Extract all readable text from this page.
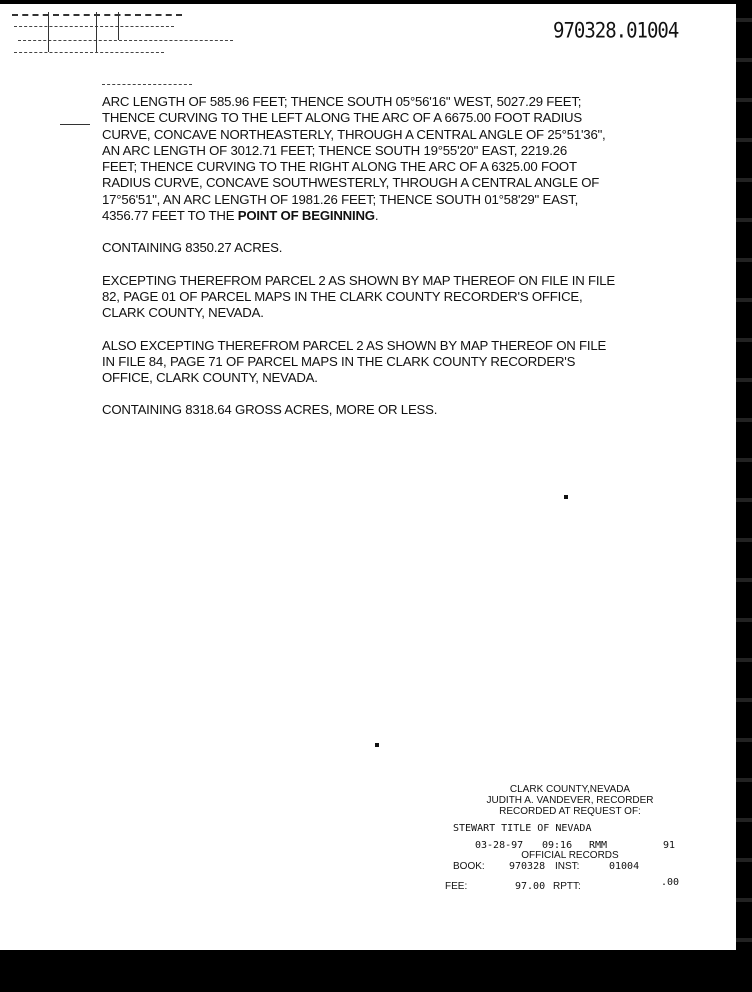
970328.01004

ARC LENGTH OF 585.96 FEET; THENCE SOUTH 05°56'16" WEST, 5027.29 FEET;
THENCE CURVING TO THE LEFT ALONG THE ARC OF A 6675.00 FOOT RADIUS
CURVE, CONCAVE NORTHEASTERLY, THROUGH A CENTRAL ANGLE OF 25°51'36",
AN ARC LENGTH OF 3012.71 FEET; THENCE SOUTH 19°55'20" EAST, 2219.26
FEET; THENCE CURVING TO THE RIGHT ALONG THE ARC OF A 6325.00 FOOT
RADIUS CURVE, CONCAVE SOUTHWESTERLY, THROUGH A CENTRAL ANGLE OF
17°56'51", AN ARC LENGTH OF 1981.26 FEET; THENCE SOUTH 01°58'29" EAST,
4356.77 FEET TO THE POINT OF BEGINNING.

CONTAINING 8350.27 ACRES.

EXCEPTING THEREFROM PARCEL 2 AS SHOWN BY MAP THEREOF ON FILE IN FILE
82, PAGE 01 OF PARCEL MAPS IN THE CLARK COUNTY RECORDER'S OFFICE,
CLARK COUNTY, NEVADA.

ALSO EXCEPTING THEREFROM PARCEL 2 AS SHOWN BY MAP THEREOF ON FILE
IN FILE 84, PAGE 71 OF PARCEL MAPS IN THE CLARK COUNTY RECORDER'S
OFFICE, CLARK COUNTY, NEVADA.

CONTAINING 8318.64 GROSS ACRES, MORE OR LESS.

CLARK COUNTY,NEVADA
JUDITH A. VANDEVER, RECORDER
RECORDED AT REQUEST OF:
STEWART TITLE OF NEVADA
03-28-97 09:16 RMM	91
OFFICIAL RECORDS
BOOK: 970328 INST:	01004
FEE:	97.00 RPTT:	.00
